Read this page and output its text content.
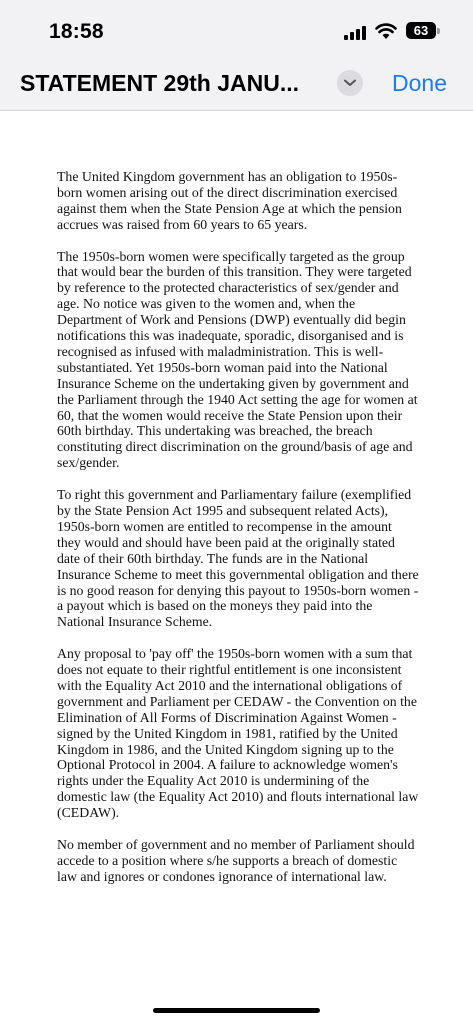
18:58	63
STATEMENT 29th JANU...	Done

The United Kingdom government has an obligation to 1950s-born women arising out of the direct discrimination exercised against them when the State Pension Age at which the pension accrues was raised from 60 years to 65 years.

The 1950s-born women were specifically targeted as the group that would bear the burden of this transition. They were targeted by reference to the protected characteristics of sex/gender and age. No notice was given to the women and, when the Department of Work and Pensions (DWP) eventually did begin notifications this was inadequate, sporadic, disorganised and is recognised as infused with maladministration. This is well-substantiated. Yet 1950s-born woman paid into the National Insurance Scheme on the undertaking given by government and the Parliament through the 1940 Act setting the age for women at 60, that the women would receive the State Pension upon their 60th birthday. This undertaking was breached, the breach constituting direct discrimination on the ground/basis of age and sex/gender.

To right this government and Parliamentary failure (exemplified by the State Pension Act 1995 and subsequent related Acts), 1950s-born women are entitled to recompense in the amount they would and should have been paid at the originally stated date of their 60th birthday. The funds are in the National Insurance Scheme to meet this governmental obligation and there is no good reason for denying this payout to 1950s-born women - a payout which is based on the moneys they paid into the National Insurance Scheme.

Any proposal to 'pay off' the 1950s-born women with a sum that does not equate to their rightful entitlement is one inconsistent with the Equality Act 2010 and the international obligations of government and Parliament per CEDAW - the Convention on the Elimination of All Forms of Discrimination Against Women - signed by the United Kingdom in 1981, ratified by the United Kingdom in 1986, and the United Kingdom signing up to the Optional Protocol in 2004. A failure to acknowledge women's rights under the Equality Act 2010 is undermining of the domestic law (the Equality Act 2010) and flouts international law (CEDAW).

No member of government and no member of Parliament should accede to a position where s/he supports a breach of domestic law and ignores or condones ignorance of international law.
